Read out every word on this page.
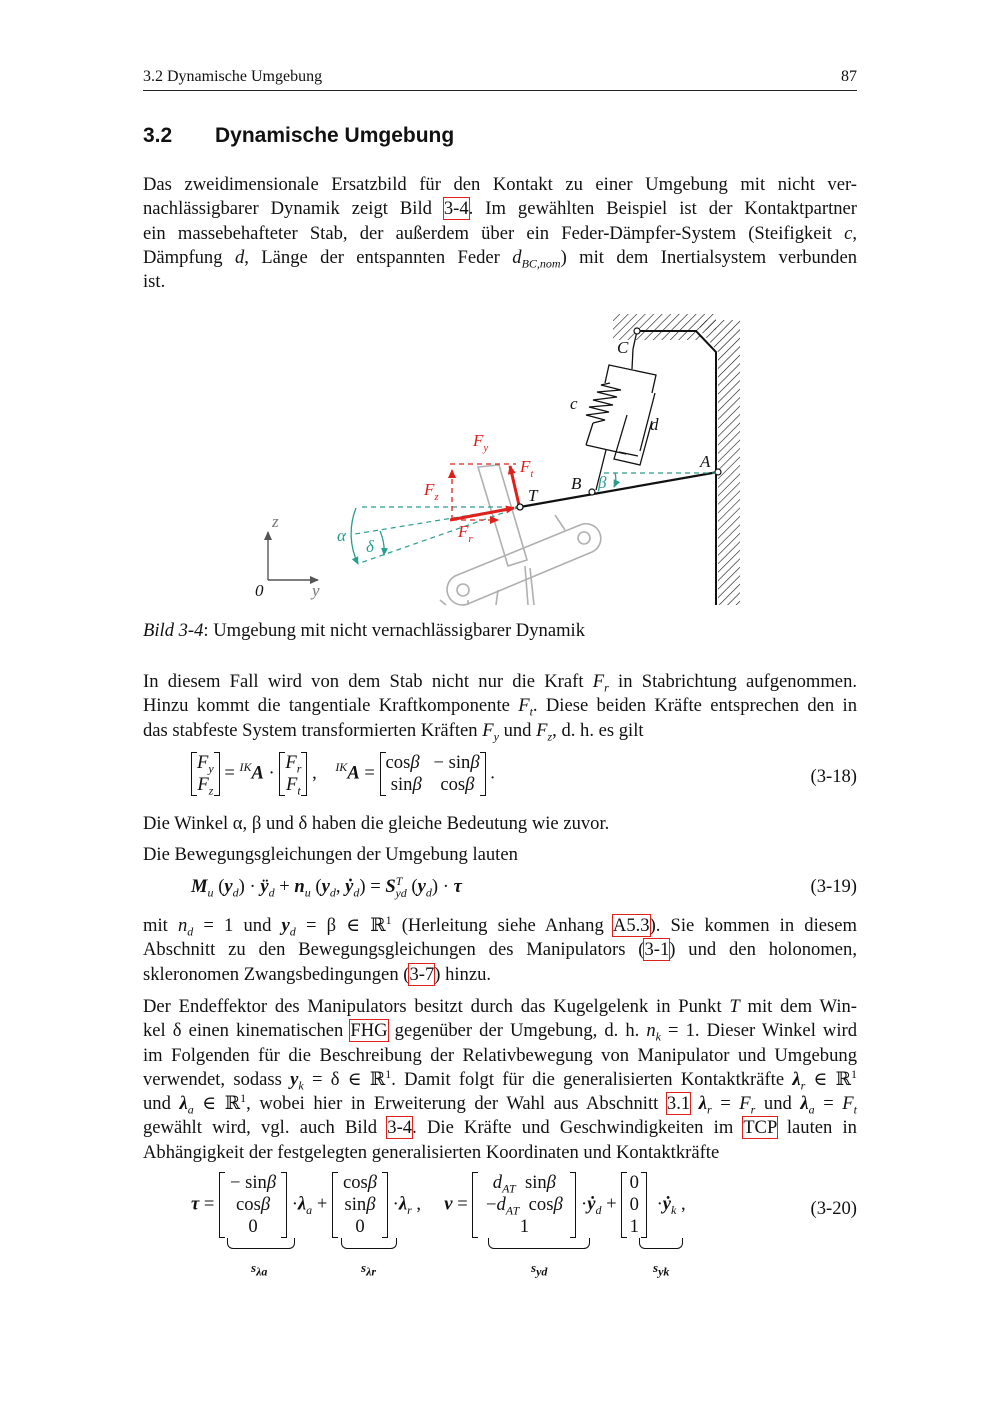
3.2 Dynamische Umgebung	87
3.2 Dynamische Umgebung

Das zweidimensionale Ersatzbild für den Kontakt zu einer Umgebung mit nicht ver-
nachlässigbarer Dynamik zeigt Bild 3-4. Im gewählten Beispiel ist der Kontaktpartner
ein massebehafteter Stab, der außerdem über ein Feder-Dämpfer-System (Steifigkeit c,
Dämpfung d, Länge der entspannten Feder $d_{BC,nom}$) mit dem Inertialsystem verbunden
ist.

C
c
d
A
B
T
β
$F_y$
$F_t$
$F_z$
$F_r$
α
δ
z
y
0
Bild 3-4: Umgebung mit nicht vernachlässigbarer Dynamik

In diesem Fall wird von dem Stab nicht nur die Kraft $F_r$ in Stabrichtung aufgenommen.
Hinzu kommt die tangentiale Kraftkomponente $F_t$. Diese beiden Kräfte entsprechen den in
das stabfeste System transformierten Kräften $F_y$ und $F_z$, d. h. es gilt

$F_y$
$F_z$
= $^{IK}A \cdot F_r$
$F_t$
,    $^{IK}$A = cosβ   − sinβ
sinβ    cosβ
.	(3-18)

Die Winkel α, β und δ haben die gleiche Bedeutung wie zuvor.

Die Bewegungsgleichungen der Umgebung lauten

$M_u$ $(y_d)$ · $ÿ_d + n_u$ ($y_d$, ẏ$_d$) = $S^T_{yd}$ $(y_d) \cdot \tau$	(3-19)

mit $n_d = 1$ und $y_d = \beta$ ∈ ℝ$^1$ (Herleitung siehe Anhang A5.3). Sie kommen in diesem
Abschnitt zu den Bewegungsgleichungen des Manipulators (3-1) und den holonomen,
skleronomen Zwangsbedingungen (3-7) hinzu.

Der Endeffektor des Manipulators besitzt durch das Kugelgelenk in Punkt T mit dem Win-
kel δ einen kinematischen FHG gegenüber der Umgebung, d. h. $n_k = 1$. Dieser Winkel wird
im Folgenden für die Beschreibung der Relativbewegung von Manipulator und Umgebung
verwendet, sodass $y_k = \delta$ ∈ ℝ$^1$. Damit folgt für die generalisierten Kontaktkräfte $\lambda_r$ ∈ ℝ$^1$
und $\lambda_a$ ∈ ℝ$^1$, wobei hier in Erweiterung der Wahl aus Abschnitt 3.1 $\lambda_r = F_r$ und $\lambda_a = F_t$
gewählt wird, vgl. auch Bild 3-4. Die Kräfte und Geschwindigkeiten im TCP lauten in
Abhängigkeit der festgelegten generalisierten Koordinaten und Kontaktkräfte

τ =
− sinβ
cosβ
0
$\cdot\lambda_a$ +
cosβ
sinβ
0
$\cdot\lambda_r$ ,     v =
$d_{AT}$  sinβ
$-d_{AT}$  cosβ
1
·ẏ$_d$ +
0
0
1
·ẏ$_k$ ,	(3-20)
$s_{\lambda a}$	$s_{\lambda r}$	$s_{yd}$	$s_{yk}$
